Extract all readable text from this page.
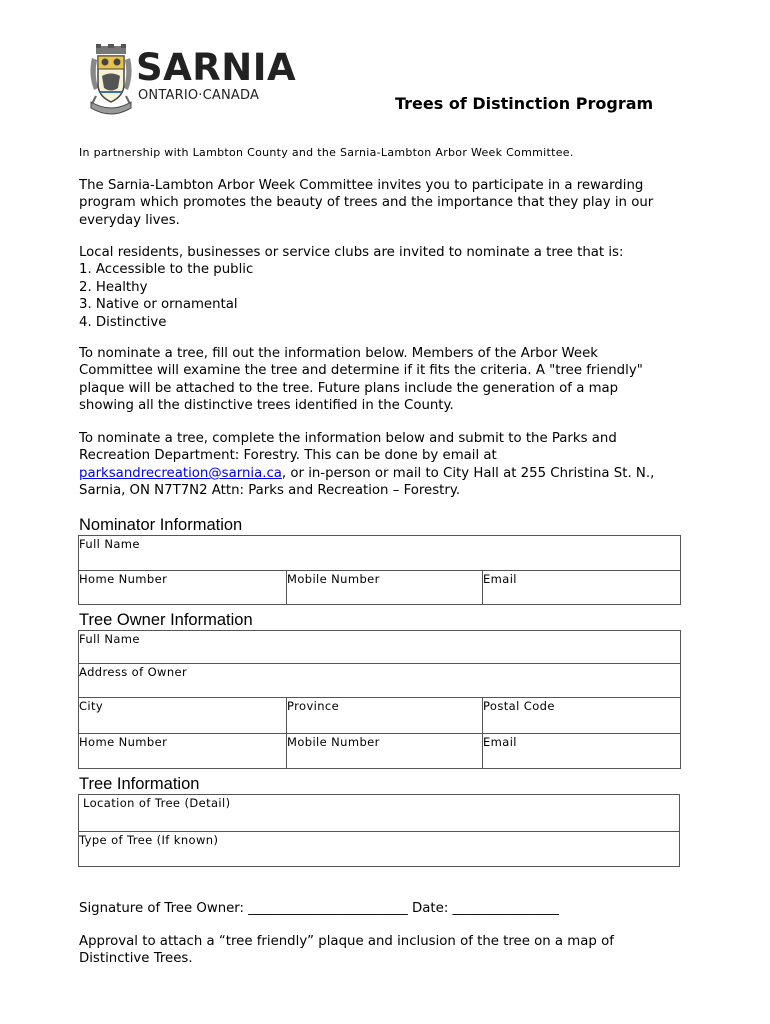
SARNIA
ONTARIO·CANADA	Trees of Distinction Program
In partnership with Lambton County and the Sarnia-Lambton Arbor Week Committee.

The Sarnia-Lambton Arbor Week Committee invites you to participate in a rewarding

program which promotes the beauty of trees and the importance that they play in our

everyday lives.

Local residents, businesses or service clubs are invited to nominate a tree that is:

1. Accessible to the public

2. Healthy

3. Native or ornamental

4. Distinctive

To nominate a tree, fill out the information below. Members of the Arbor Week

Committee will examine the tree and determine if it fits the criteria. A "tree friendly"

plaque will be attached to the tree. Future plans include the generation of a map

showing all the distinctive trees identified in the County.

To nominate a tree, complete the information below and submit to the Parks and

Recreation Department: Forestry. This can be done by email at

parksandrecreation@sarnia.ca, or in-person or mail to City Hall at 255 Christina St. N.,

Sarnia, ON N7T7N2 Attn: Parks and Recreation – Forestry.

Nominator Information
Full Name
Home Number	Mobile Number	Email
Tree Owner Information
Full Name		
Address of Owner		
City	Province	Postal Code
Home Number	Mobile Number	Email
Tree Information
Location of Tree (Detail)
Type of Tree (If known)
Signature of Tree Owner: ________________________ Date: ________________

Approval to attach a “tree friendly” plaque and inclusion of the tree on a map of

Distinctive Trees.
